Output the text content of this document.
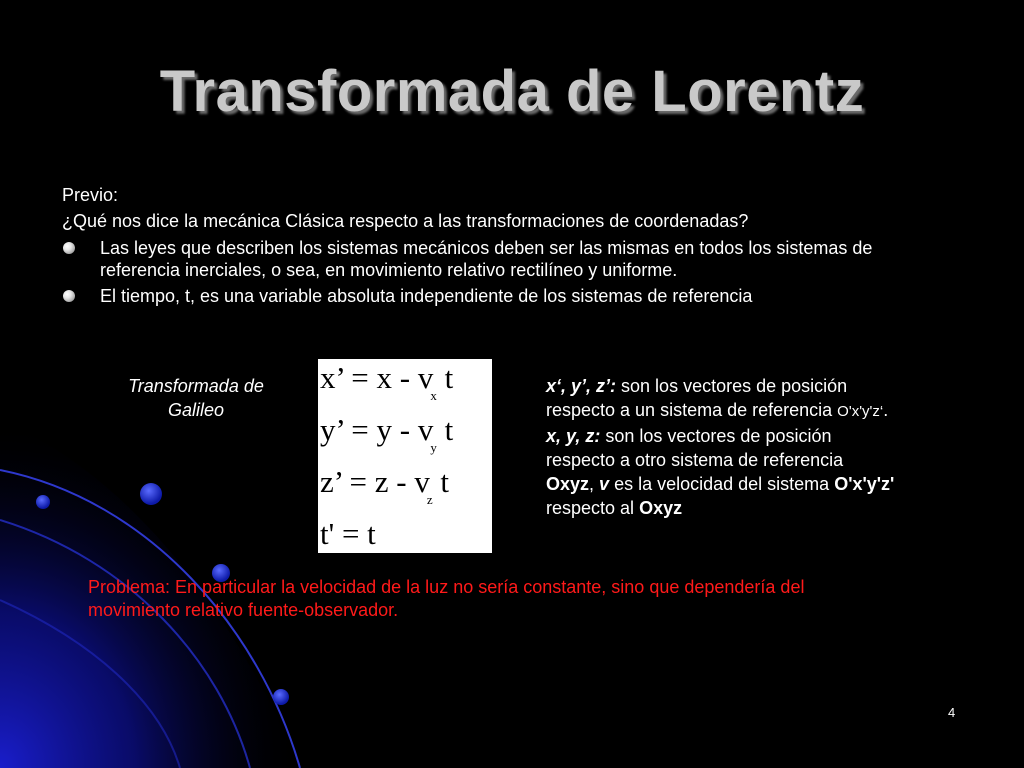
Transformada de Lorentz
Previo:
¿Qué nos dice la mecánica Clásica respecto a las transformaciones de coordenadas?
Las leyes que describen los sistemas mecánicos deben ser las mismas en todos los sistemas de
referencia inerciales, o sea, en movimiento relativo rectilíneo y uniforme.
El tiempo, t, es una variable absoluta independiente de los sistemas de referencia
Transformada de Galileo
x’ = x - $v_x$ t
y’ = y - $v_y$ t
z’ = z - $v_z$ t
t' = t
x‘, y’, z’: son los vectores de posición respecto a un sistema de referencia O'x'y'z‘. x, y, z: son los vectores de posición respecto a otro sistema de referencia Oxyz, v es la velocidad del sistema O'x'y'z' respecto al Oxyz
Problema: En particular la velocidad de la luz no sería constante, sino que dependería del movimiento relativo fuente-observador.
4
